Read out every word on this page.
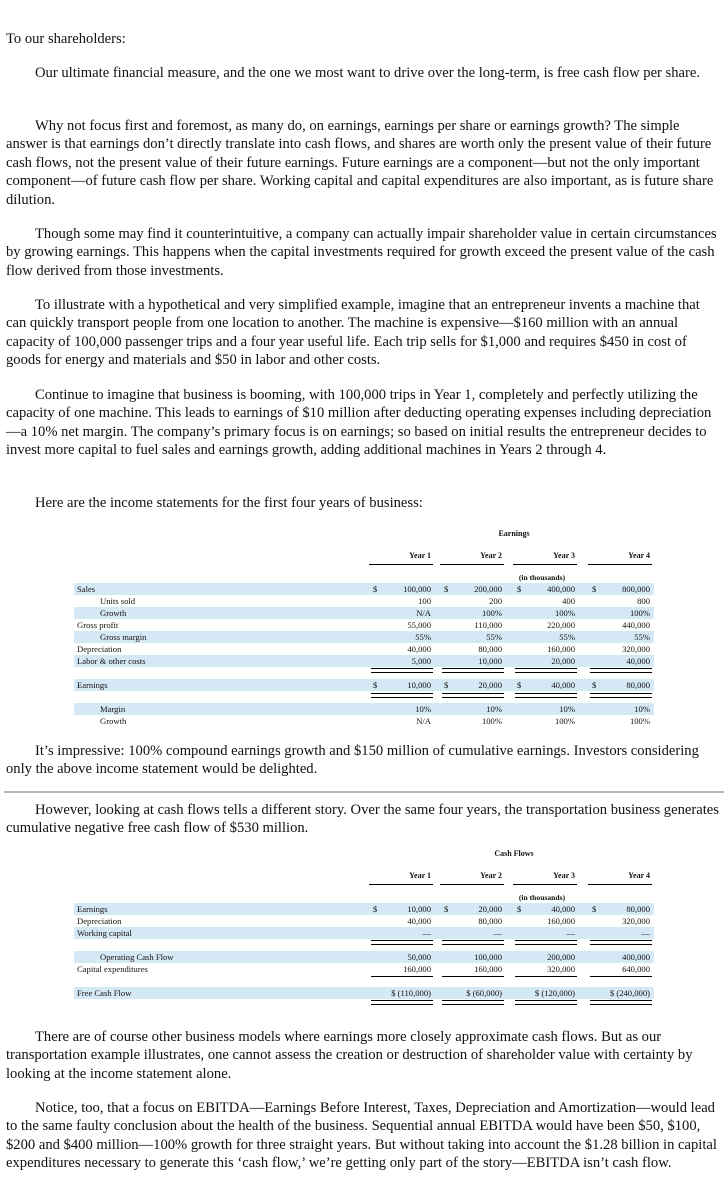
To our shareholders:

Our ultimate financial measure, and the one we most want to drive over the long-term, is free cash flow per share.

Why not focus first and foremost, as many do, on earnings, earnings per share or earnings growth? The simple answer is that earnings don’t directly translate into cash flows, and shares are worth only the present value of their future cash flows, not the present value of their future earnings. Future earnings are a component—but not the only important component—of future cash flow per share. Working capital and capital expenditures are also important, as is future share dilution.

Though some may find it counterintuitive, a company can actually impair shareholder value in certain circumstances by growing earnings. This happens when the capital investments required for growth exceed the present value of the cash flow derived from those investments.

To illustrate with a hypothetical and very simplified example, imagine that an entrepreneur invents a machine that can quickly transport people from one location to another. The machine is expensive—$160 million with an annual capacity of 100,000 passenger trips and a four year useful life. Each trip sells for $1,000 and requires $450 in cost of goods for energy and materials and $50 in labor and other costs.

Continue to imagine that business is booming, with 100,000 trips in Year 1, completely and perfectly utilizing the capacity of one machine. This leads to earnings of $10 million after deducting operating expenses including depreciation—a 10% net margin. The company’s primary focus is on earnings; so based on initial results the entrepreneur decides to invest more capital to fuel sales and earnings growth, adding additional machines in Years 2 through 4.

Here are the income statements for the first four years of business:

Earnings
Year 1	Year 2	Year 3	Year 4
(in thousands)
Sales	$	100,000 $	200,000 $	400,000 $	800,000
Units sold	100	200	400	800
Growth	N/A	100%	100%	100%
Gross profit	55,000	110,000	220,000	440,000
Gross margin	55%	55%	55%	55%
Depreciation	40,000	80,000	160,000	320,000
Labor & other costs	5,000	10,000	20,000	40,000
Earnings	$	10,000 $	20,000 $	40,000 $	80,000
Margin	10%	10%	10%	10%
Growth	N/A	100%	100%	100%

It’s impressive: 100% compound earnings growth and $150 million of cumulative earnings. Investors considering only the above income statement would be delighted.

However, looking at cash flows tells a different story. Over the same four years, the transportation business generates cumulative negative free cash flow of $530 million.

Cash Flows
Year 1	Year 2	Year 3	Year 4
(in thousands)
Earnings	$	10,000 $	20,000 $	40,000 $	80,000
Depreciation	40,000	80,000	160,000	320,000
Working capital	—	—	—	—
Operating Cash Flow	50,000	100,000	200,000	400,000
Capital expenditures	160,000	160,000	320,000	640,000
Free Cash Flow	$ (110,000)	$ (60,000)	$ (120,000)	$ (240,000)

There are of course other business models where earnings more closely approximate cash flows. But as our transportation example illustrates, one cannot assess the creation or destruction of shareholder value with certainty by looking at the income statement alone.

Notice, too, that a focus on EBITDA—Earnings Before Interest, Taxes, Depreciation and Amortization—would lead to the same faulty conclusion about the health of the business. Sequential annual EBITDA would have been $50, $100, $200 and $400 million—100% growth for three straight years. But without taking into account the $1.28 billion in capital expenditures necessary to generate this ‘cash flow,’ we’re getting only part of the story—EBITDA isn’t cash flow.
